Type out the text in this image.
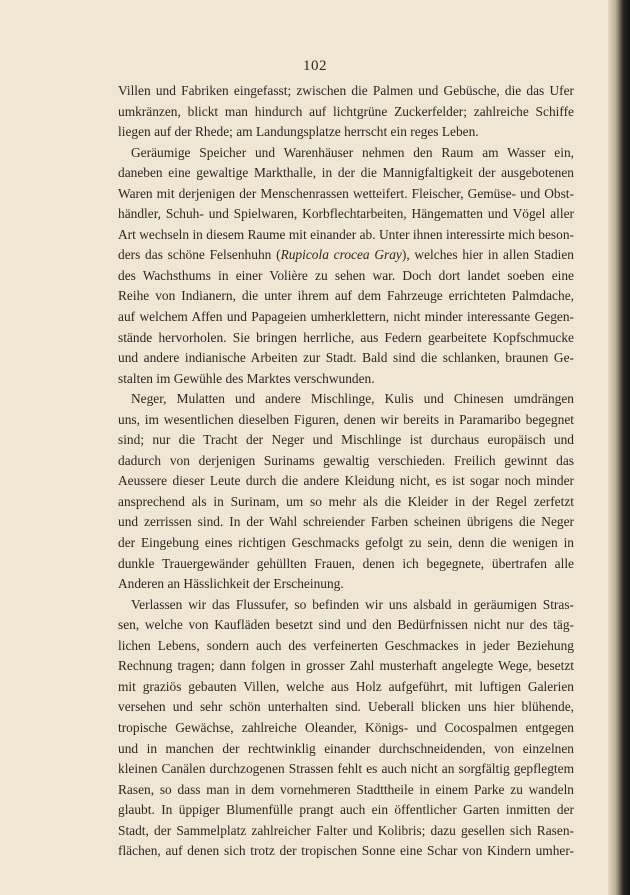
102
Villen und Fabriken eingefasst; zwischen die Palmen und Gebüsche, die das Ufer
umkränzen, blickt man hindurch auf lichtgrüne Zuckerfelder; zahlreiche Schiffe
liegen auf der Rhede; am Landungsplatze herrscht ein reges Leben.
Geräumige Speicher und Warenhäuser nehmen den Raum am Wasser ein,
daneben eine gewaltige Markthalle, in der die Mannigfaltigkeit der ausgebotenen
Waren mit derjenigen der Menschenrassen wetteifert. Fleischer, Gemüse- und Obst-
händler, Schuh- und Spielwaren, Korbflechtarbeiten, Hängematten und Vögel aller
Art wechseln in diesem Raume mit einander ab. Unter ihnen interessirte mich beson-
ders das schöne Felsenhuhn (Rupicola crocea Gray), welches hier in allen Stadien
des Wachsthums in einer Volière zu sehen war. Doch dort landet soeben eine
Reihe von Indianern, die unter ihrem auf dem Fahrzeuge errichteten Palmdache,
auf welchem Affen und Papageien umherklettern, nicht minder interessante Gegen-
stände hervorholen. Sie bringen herrliche, aus Federn gearbeitete Kopfschmucke
und andere indianische Arbeiten zur Stadt. Bald sind die schlanken, braunen Ge-
stalten im Gewühle des Marktes verschwunden.
Neger, Mulatten und andere Mischlinge, Kulis und Chinesen umdrängen
uns, im wesentlichen dieselben Figuren, denen wir bereits in Paramaribo begegnet
sind; nur die Tracht der Neger und Mischlinge ist durchaus europäisch und
dadurch von derjenigen Surinams gewaltig verschieden. Freilich gewinnt das
Aeussere dieser Leute durch die andere Kleidung nicht, es ist sogar noch minder
ansprechend als in Surinam, um so mehr als die Kleider in der Regel zerfetzt
und zerrissen sind. In der Wahl schreiender Farben scheinen übrigens die Neger
der Eingebung eines richtigen Geschmacks gefolgt zu sein, denn die wenigen in
dunkle Trauergewänder gehüllten Frauen, denen ich begegnete, übertrafen alle
Anderen an Hässlichkeit der Erscheinung.
Verlassen wir das Flussufer, so befinden wir uns alsbald in geräumigen Stras-
sen, welche von Kaufläden besetzt sind und den Bedürfnissen nicht nur des täg-
lichen Lebens, sondern auch des verfeinerten Geschmackes in jeder Beziehung
Rechnung tragen; dann folgen in grosser Zahl musterhaft angelegte Wege, besetzt
mit graziös gebauten Villen, welche aus Holz aufgeführt, mit luftigen Galerien
versehen und sehr schön unterhalten sind. Ueberall blicken uns hier blühende,
tropische Gewächse, zahlreiche Oleander, Königs- und Cocospalmen entgegen
und in manchen der rechtwinklig einander durchschneidenden, von einzelnen
kleinen Canälen durchzogenen Strassen fehlt es auch nicht an sorgfältig gepflegtem
Rasen, so dass man in dem vornehmeren Stadttheile in einem Parke zu wandeln
glaubt. In üppiger Blumenfülle prangt auch ein öffentlicher Garten inmitten der
Stadt, der Sammelplatz zahlreicher Falter und Kolibris; dazu gesellen sich Rasen-
flächen, auf denen sich trotz der tropischen Sonne eine Schar von Kindern umher-
